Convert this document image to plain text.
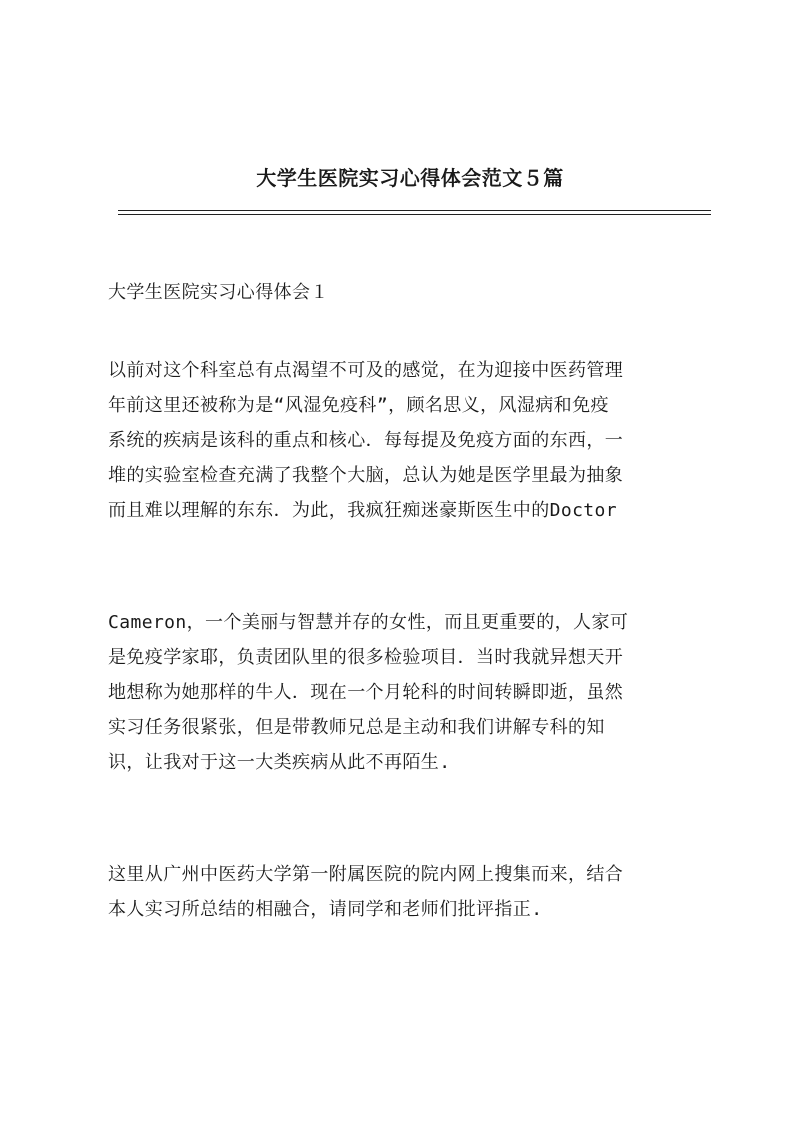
大学生医院实习心得体会范文５篇
大学生医院实习心得体会１
以前对这个科室总有点渴望不可及的感觉，在为迎接中医药管理
年前这里还被称为是“风湿免疫科”，顾名思义，风湿病和免疫
系统的疾病是该科的重点和核心．每每提及免疫方面的东西，一
堆的实验室检查充满了我整个大脑，总认为她是医学里最为抽象
而且难以理解的东东．为此，我疯狂痴迷豪斯医生中的Doctor
Cameron，一个美丽与智慧并存的女性，而且更重要的，人家可
是免疫学家耶，负责团队里的很多检验项目．当时我就异想天开
地想称为她那样的牛人．现在一个月轮科的时间转瞬即逝，虽然
实习任务很紧张，但是带教师兄总是主动和我们讲解专科的知
识，让我对于这一大类疾病从此不再陌生.
这里从广州中医药大学第一附属医院的院内网上搜集而来，结合
本人实习所总结的相融合，请同学和老师们批评指正.
